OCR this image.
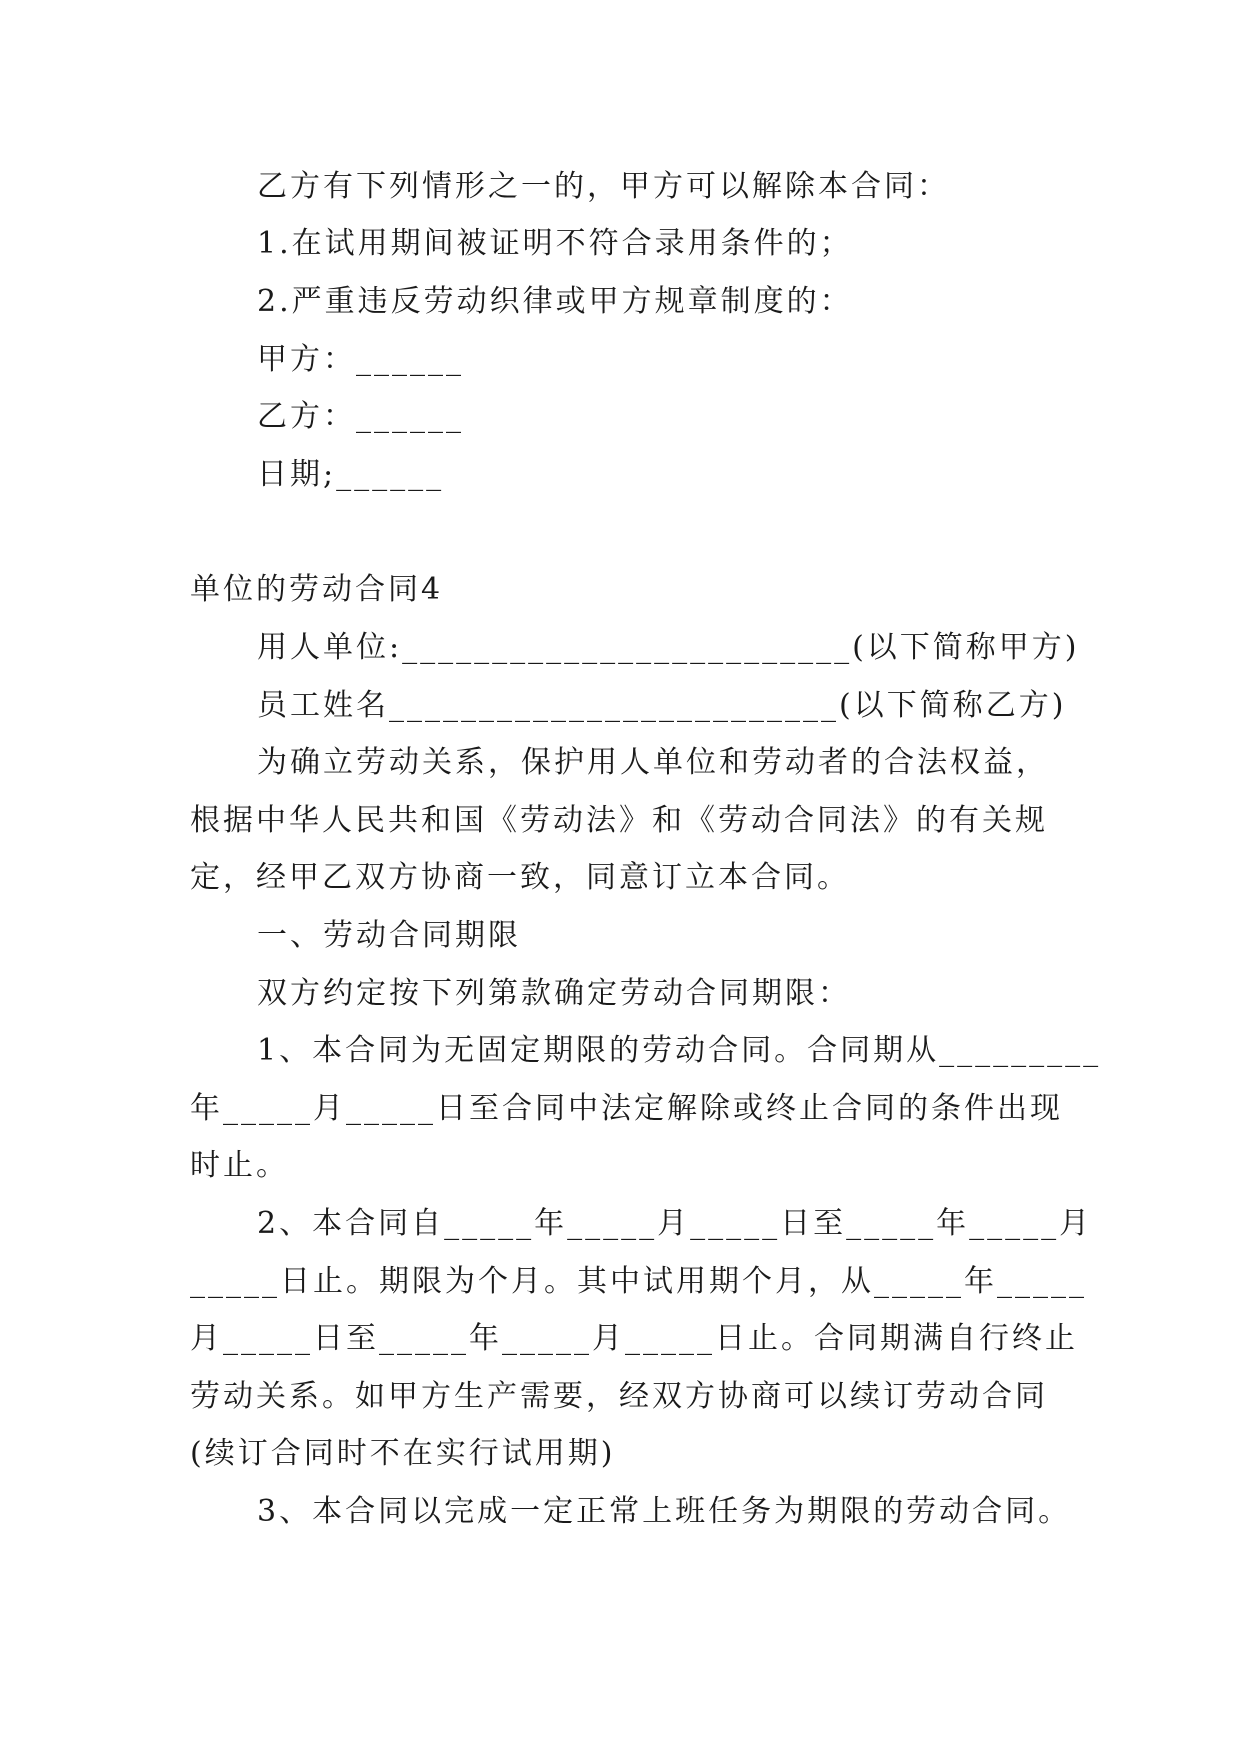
乙方有下列情形之一的，甲方可以解除本合同：
1.在试用期间被证明不符合录用条件的；
2.严重违反劳动织律或甲方规章制度的：
甲方：______
乙方：______
日期;______
单位的劳动合同4
用人单位:_________________________(以下简称甲方)
员工姓名_________________________(以下简称乙方)
为确立劳动关系，保护用人单位和劳动者的合法权益，
根据中华人民共和国《劳动法》和《劳动合同法》的有关规
定，经甲乙双方协商一致，同意订立本合同。
一、劳动合同期限
双方约定按下列第款确定劳动合同期限：
1、本合同为无固定期限的劳动合同。合同期从_________
年_____月_____日至合同中法定解除或终止合同的条件出现
时止。
2、本合同自_____年_____月_____日至_____年_____月
_____日止。期限为个月。其中试用期个月，从_____年_____
月_____日至_____年_____月_____日止。合同期满自行终止
劳动关系。如甲方生产需要，经双方协商可以续订劳动合同
(续订合同时不在实行试用期)
3、本合同以完成一定正常上班任务为期限的劳动合同。
